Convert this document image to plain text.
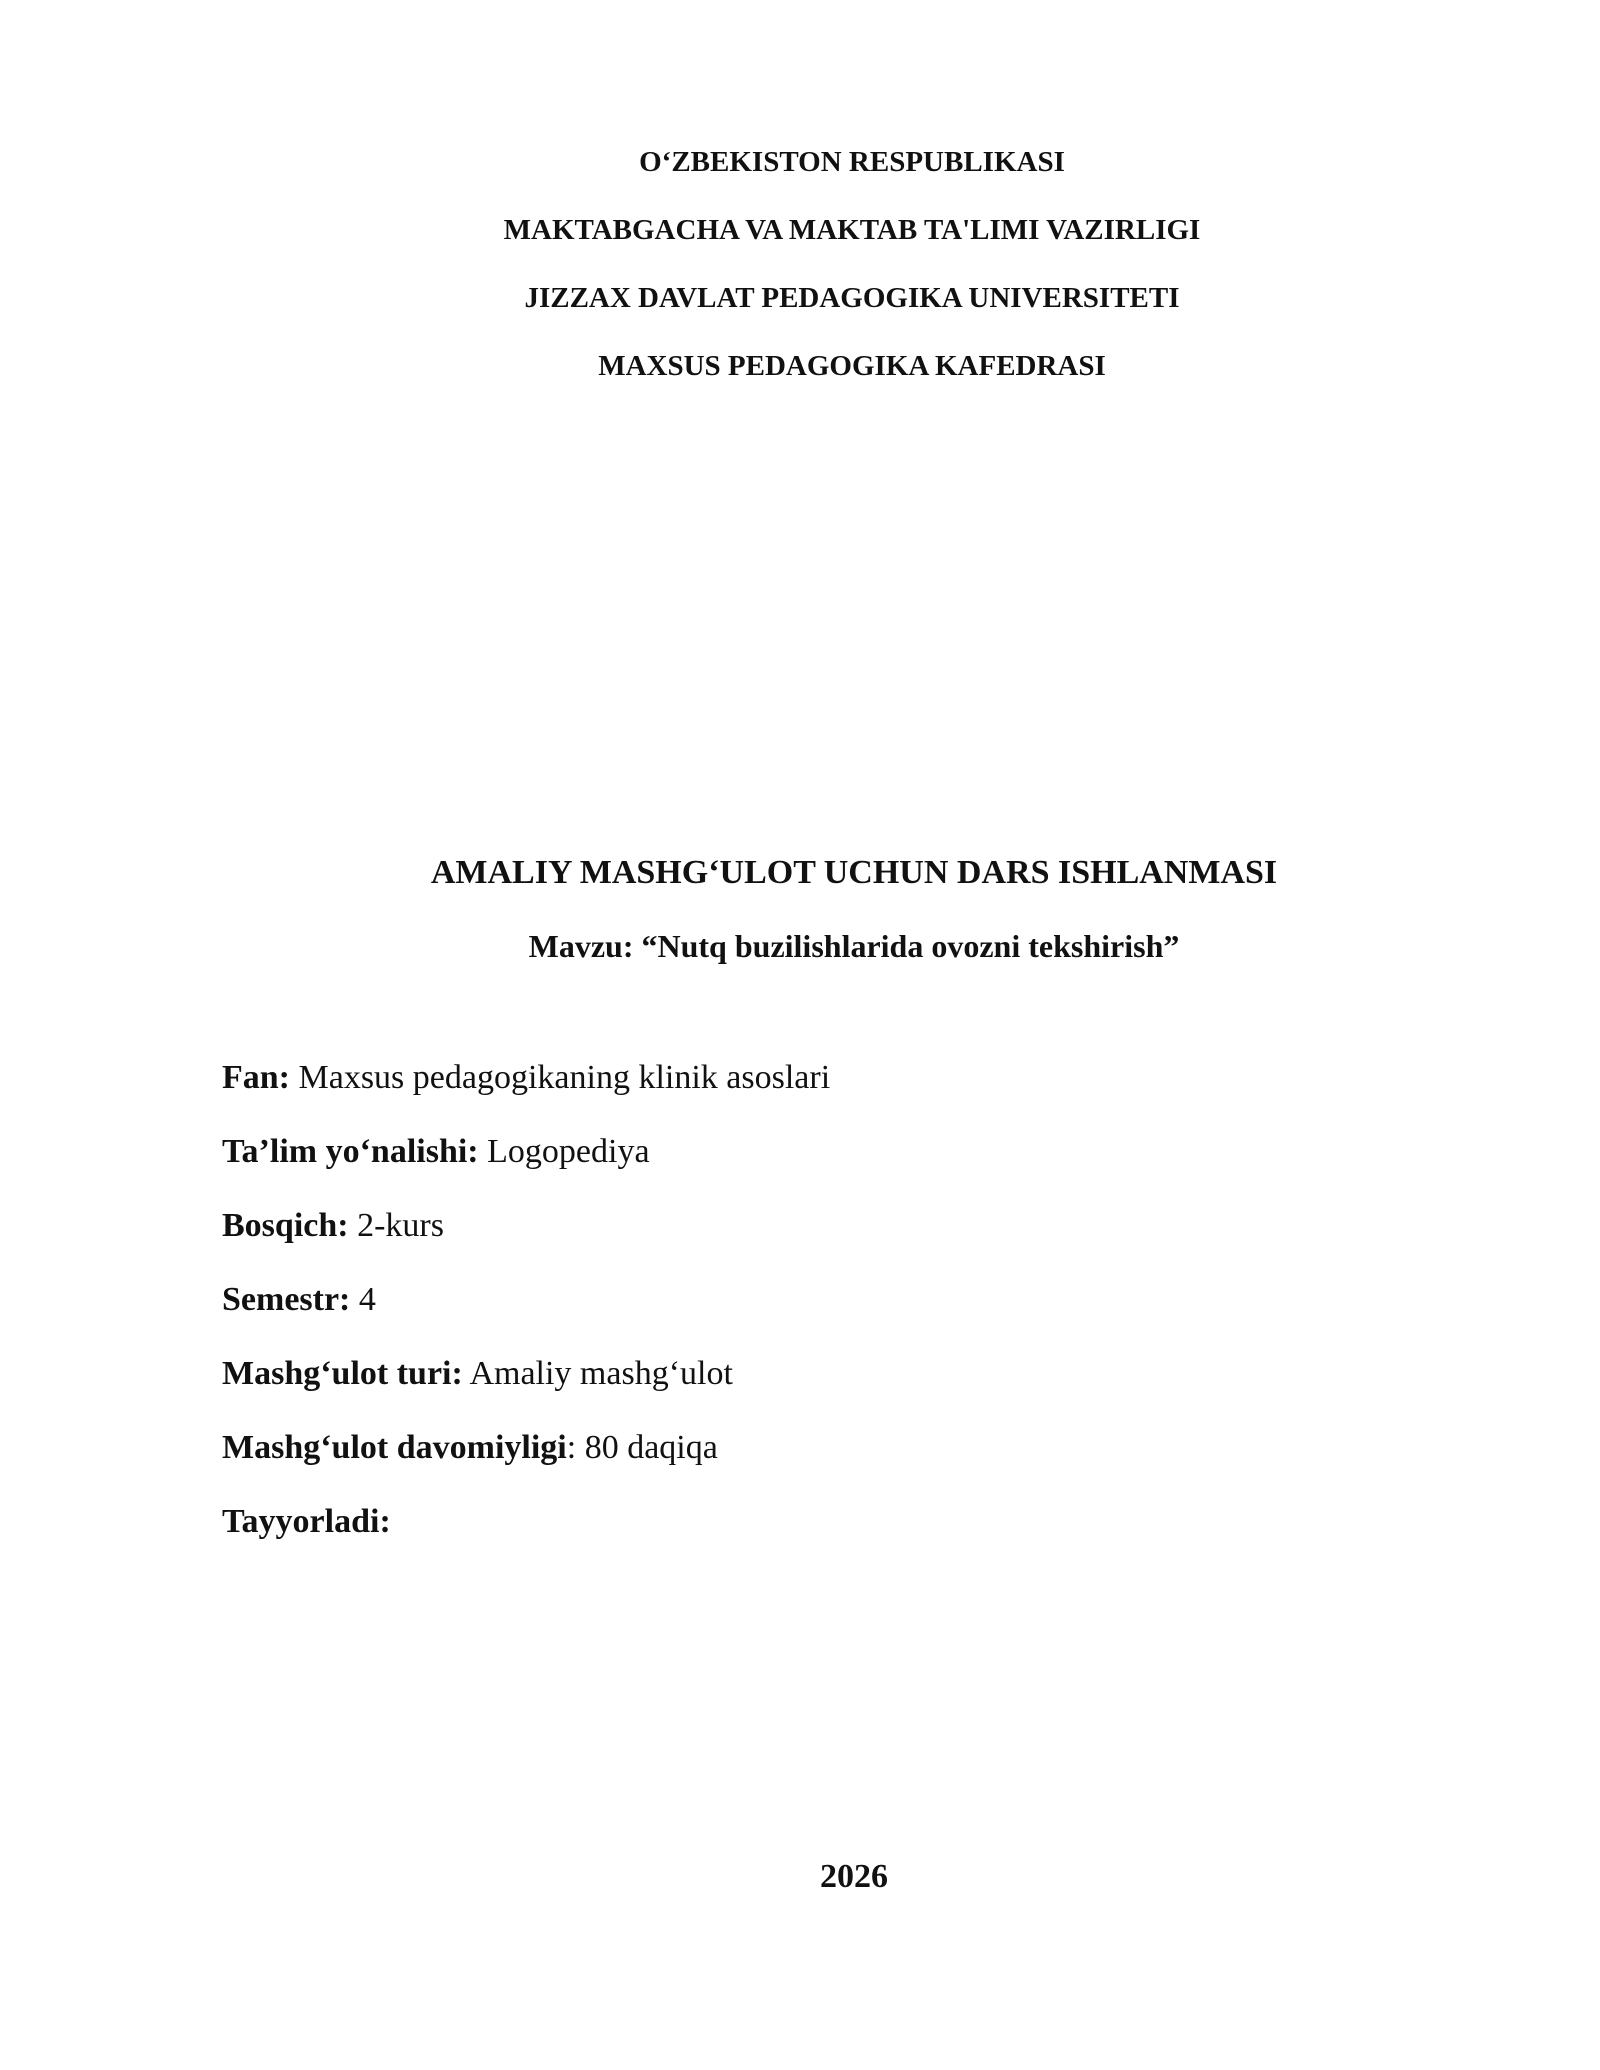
O‘ZBEKISTON RESPUBLIKASI
MAKTABGACHA VA MAKTAB TA'LIMI VAZIRLIGI
JIZZAX DAVLAT PEDAGOGIKA UNIVERSITETI
MAXSUS PEDAGOGIKA KAFEDRASI
AMALIY MASHG‘ULOT UCHUN DARS ISHLANMASI
Mavzu: “Nutq buzilishlarida ovozni tekshirish”
Fan: Maxsus pedagogikaning klinik asoslari
Ta’lim yo‘nalishi: Logopediya
Bosqich: 2-kurs
Semestr: 4
Mashg‘ulot turi: Amaliy mashg‘ulot
Mashg‘ulot davomiyligi: 80 daqiqa
Tayyorladi:
2026
